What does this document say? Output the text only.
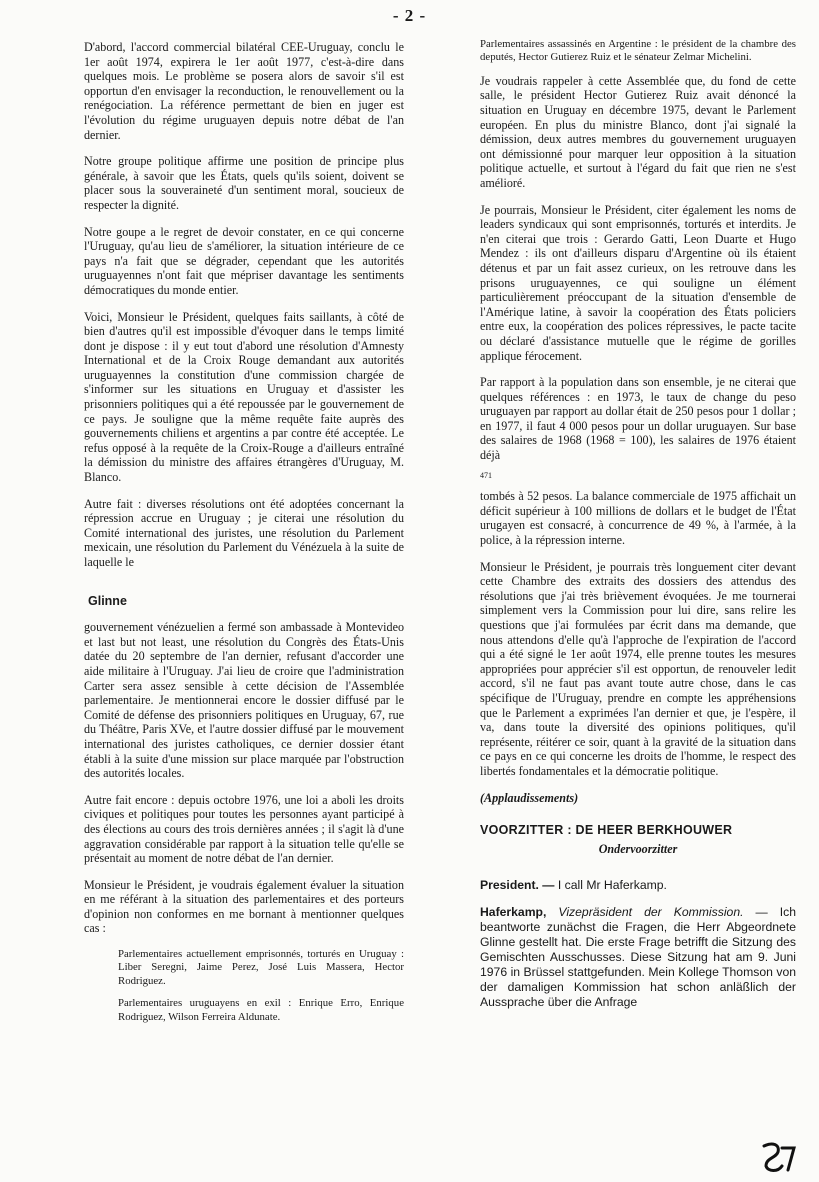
- 2 -

D'abord, l'accord commercial bilatéral CEE-Uruguay, conclu le 1er août 1974, expirera le 1er août 1977, c'est-à-dire dans quelques mois. Le problème se posera alors de savoir s'il est opportun d'en envisager la reconduction, le renouvellement ou la renégociation. La référence permettant de bien en juger est l'évolution du régime uruguayen depuis notre débat de l'an dernier.

Notre groupe politique affirme une position de principe plus générale, à savoir que les États, quels qu'ils soient, doivent se placer sous la souveraineté d'un sentiment moral, soucieux de respecter la dignité.

Notre goupe a le regret de devoir constater, en ce qui concerne l'Uruguay, qu'au lieu de s'améliorer, la situation intérieure de ce pays n'a fait que se dégrader, cependant que les autorités uruguayennes n'ont fait que mépriser davantage les sentiments démocratiques du monde entier.

Voici, Monsieur le Président, quelques faits saillants, à côté de bien d'autres qu'il est impossible d'évoquer dans le temps limité dont je dispose : il y eut tout d'abord une résolution d'Amnesty International et de la Croix Rouge demandant aux autorités uruguayennes la constitution d'une commission chargée de s'informer sur les situations en Uruguay et d'assister les prisonniers politiques qui a été repoussée par le gouvernement de ce pays. Je souligne que la même requête faite auprès des gouvernements chiliens et argentins a par contre été acceptée. Le refus opposé à la requête de la Croix-Rouge a d'ailleurs entraîné la démission du ministre des affaires étrangères d'Uruguay, M. Blanco.

Autre fait : diverses résolutions ont été adoptées concernant la répression accrue en Uruguay ; je citerai une résolution du Comité international des juristes, une résolution du Parlement mexicain, une résolution du Parlement du Vénézuela à la suite de laquelle le

Glinne

gouvernement vénézuelien a fermé son ambassade à Montevideo et last but not least, une résolution du Congrès des États-Unis datée du 20 septembre de l'an dernier, refusant d'accorder une aide militaire à l'Uruguay. J'ai lieu de croire que l'administration Carter sera assez sensible à cette décision de l'Assemblée parlementaire. Je mentionnerai encore le dossier diffusé par le Comité de défense des prisonniers politiques en Uruguay, 67, rue du Théâtre, Paris XVe, et l'autre dossier diffusé par le mouvement international des juristes catholiques, ce dernier dossier étant établi à la suite d'une mission sur place marquée par l'obstruction des autorités locales.

Autre fait encore : depuis octobre 1976, une loi a aboli les droits civiques et politiques pour toutes les personnes ayant participé à des élections au cours des trois dernières années ; il s'agit là d'une aggravation considérable par rapport à la situation telle qu'elle se présentait au moment de notre débat de l'an dernier.

Monsieur le Président, je voudrais également évaluer la situation en me référant à la situation des parlementaires et des porteurs d'opinion non conformes en me bornant à mentionner quelques cas :

Parlementaires actuellement emprisonnés, torturés en Uruguay : Liber Seregni, Jaime Perez, José Luis Massera, Hector Rodriguez.

Parlementaires uruguayens en exil : Enrique Erro, Enrique Rodriguez, Wilson Ferreira Aldunate.

Parlementaires assassinés en Argentine : le président de la chambre des deputés, Hector Gutierez Ruiz et le sénateur Zelmar Michelini.

Je voudrais rappeler à cette Assemblée que, du fond de cette salle, le président Hector Gutierez Ruiz avait dénoncé la situation en Uruguay en décembre 1975, devant le Parlement européen. En plus du ministre Blanco, dont j'ai signalé la démission, deux autres membres du gouvernement uruguayen ont démissionné pour marquer leur opposition à la situation politique actuelle, et surtout à l'égard du fait que rien ne s'est amélioré.

Je pourrais, Monsieur le Président, citer également les noms de leaders syndicaux qui sont emprisonnés, torturés et interdits. Je n'en citerai que trois : Gerardo Gatti, Leon Duarte et Hugo Mendez : ils ont d'ailleurs disparu d'Argentine où ils étaient détenus et par un fait assez curieux, on les retrouve dans les prisons uruguayennes, ce qui souligne un élément particulièrement préoccupant de la situation d'ensemble de l'Amérique latine, à savoir la coopération des États policiers entre eux, la coopération des polices répressives, le pacte tacite ou déclaré d'assistance mutuelle que le régime de gorilles applique férocement.

Par rapport à la population dans son ensemble, je ne citerai que quelques références : en 1973, le taux de change du peso uruguayen par rapport au dollar était de 250 pesos pour 1 dollar ; en 1977, il faut 4 000 pesos pour un dollar uruguayen. Sur base des salaires de 1968 (1968 = 100), les salaires de 1976 étaient déjà

471

tombés à 52 pesos. La balance commerciale de 1975 affichait un déficit supérieur à 100 millions de dollars et le budget de l'État urugayen est consacré, à concurrence de 49 %, à l'armée, à la police, à la répression interne.

Monsieur le Président, je pourrais très longuement citer devant cette Chambre des extraits des dossiers des attendus des résolutions que j'ai très brièvement évoquées. Je me tournerai simplement vers la Commission pour lui dire, sans relire les questions que j'ai formulées par écrit dans ma demande, que nous attendons d'elle qu'à l'approche de l'expiration de l'accord qui a été signé le 1er août 1974, elle prenne toutes les mesures appropriées pour apprécier s'il est opportun, de renouveler ledit accord, s'il ne faut pas avant toute autre chose, dans le cas spécifique de l'Uruguay, prendre en compte les appréhensions que le Parlement a exprimées l'an dernier et que, je l'espère, il va, dans toute la diversité des opinions politiques, qu'il représente, réitérer ce soir, quant à la gravité de la situation dans ce pays en ce qui concerne les droits de l'homme, le respect des libertés fondamentales et la démocratie politique.

(Applaudissements)

VOORZITTER : DE HEER BERKHOUWER

Ondervoorzitter

President. — I call Mr Haferkamp.

Haferkamp, Vizepräsident der Kommission. — Ich beantworte zunächst die Fragen, die Herr Abgeordnete Glinne gestellt hat. Die erste Frage betrifft die Sitzung des Gemischten Ausschusses. Diese Sitzung hat am 9. Juni 1976 in Brüssel stattgefunden. Mein Kollege Thomson von der damaligen Kommission hat schon anläßlich der Aussprache über die Anfrage
